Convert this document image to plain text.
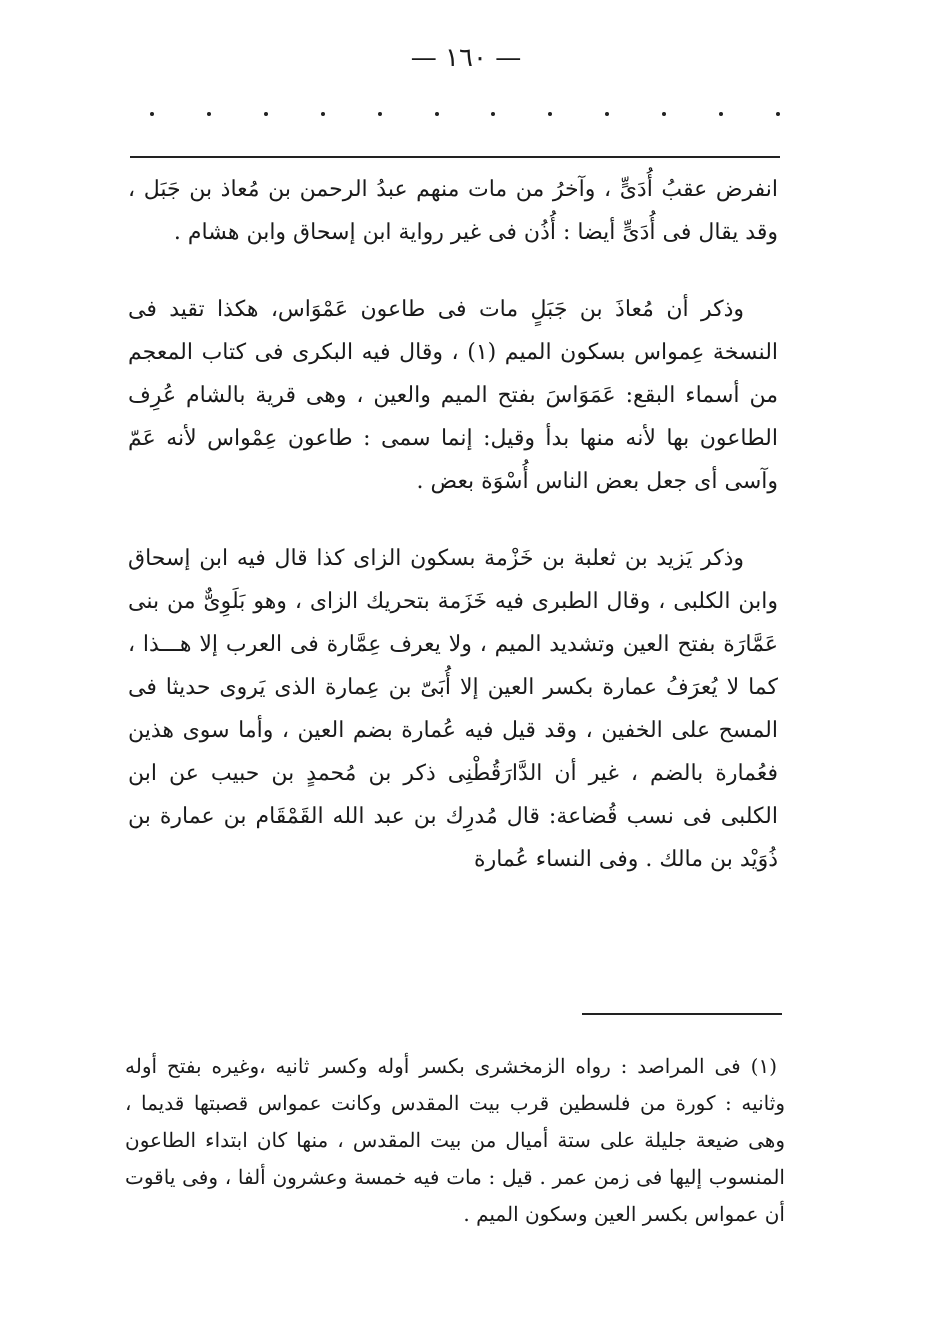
— ١٦٠ —

انفرض عقبُ أُدَىٍّ ، وآخرُ من مات منهم عبدُ الرحمن بن مُعاذ بن جَبَل ، وقد يقال فى أُدَىٍّ أيضا : أُذُن فى غير رواية ابن إسحاق وابن هشام .

وذكر أن مُعاذَ بن جَبَلٍ مات فى طاعون عَمْوَاس، هكذا تقيد فى النسخة عِمواس بسكون الميم (١) ، وقال فيه البكرى فى كتاب المعجم من أسماء البقع: عَمَوَاسَ بفتح الميم والعين ، وهى قرية بالشام عُرِف الطاعون بها لأنه منها بدأ وقيل: إنما سمى : طاعون عِمْواس لأنه عَمّ وآسى أى جعل بعض الناس أُسْوَة بعض .

وذكر يَزيد بن ثعلبة بن خَزْمة بسكون الزاى كذا قال فيه ابن إسحاق وابن الكلبى ، وقال الطبرى فيه خَزَمة بتحريك الزاى ، وهو بَلَوِىٌّ من بنى عَمَّارَة بفتح العين وتشديد الميم ، ولا يعرف عِمَّارة فى العرب إلا هـــذا ، كما لا يُعرَفُ عمارة بكسر العين إلا أُبَىّ بن عِمارة الذى يَروى حديثا فى المسح على الخفين ، وقد قيل فيه عُمارة بضم العين ، وأما سوى هذين فعُمارة بالضم ، غير أن الدَّارَقُطْنِى ذكر بن مُحمدٍ بن حبيب عن ابن الكلبى فى نسب قُضاعة: قال مُدرِك بن عبد الله القَمْقَام بن عمارة بن ذُوَيْد بن مالك . وفى النساء عُمارة

(١) فى المراصد : رواه الزمخشرى بكسر أوله وكسر ثانيه ،وغيره بفتح أوله وثانيه : كورة من فلسطين قرب بيت المقدس وكانت عمواس قصبتها قديما ، وهى ضيعة جليلة على ستة أميال من بيت المقدس ، منها كان ابتداء الطاعون المنسوب إليها فى زمن عمر . قيل : مات فيه خمسة وعشرون ألفا ، وفى ياقوت أن عمواس بكسر العين وسكون الميم .
